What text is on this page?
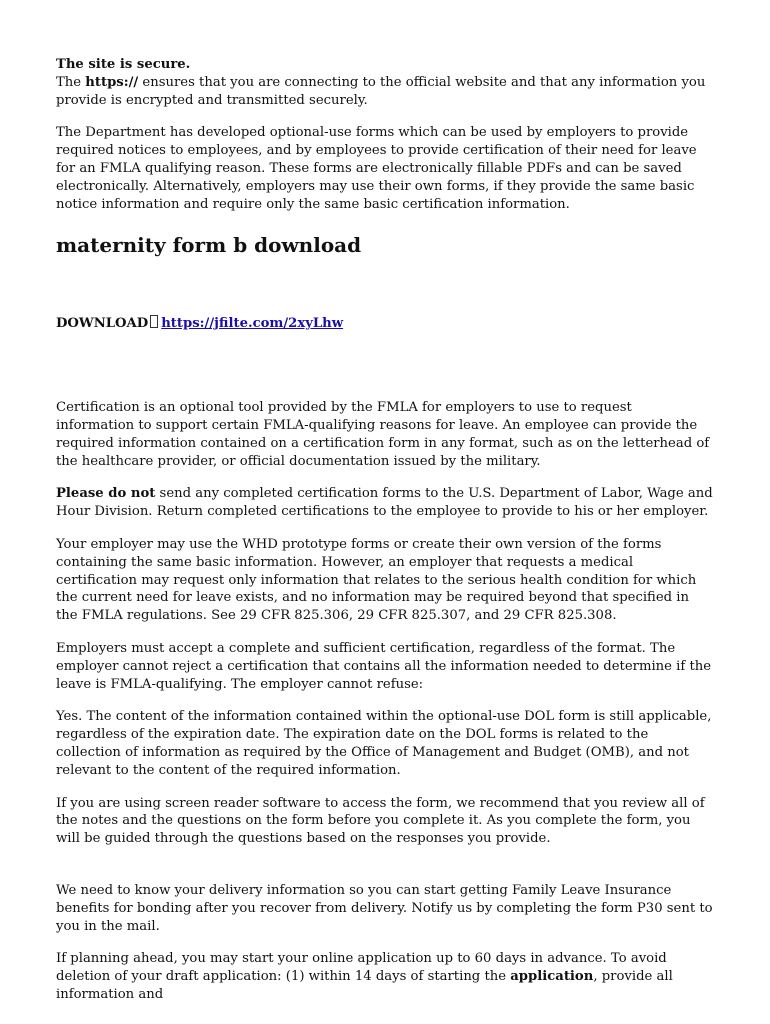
The site is secure.

The https:// ensures that you are connecting to the official website and that any information you provide is encrypted and transmitted securely.

The Department has developed optional-use forms which can be used by employers to provide required notices to employees, and by employees to provide certification of their need for leave for an FMLA qualifying reason. These forms are electronically fillable PDFs and can be saved electronically. Alternatively, employers may use their own forms, if they provide the same basic notice information and require only the same basic certification information.

maternity form b download

DOWNLOAD https://jfilte.com/2xyLhw

Certification is an optional tool provided by the FMLA for employers to use to request information to support certain FMLA-qualifying reasons for leave. An employee can provide the required information contained on a certification form in any format, such as on the letterhead of the healthcare provider, or official documentation issued by the military.

Please do not send any completed certification forms to the U.S. Department of Labor, Wage and Hour Division. Return completed certifications to the employee to provide to his or her employer.

Your employer may use the WHD prototype forms or create their own version of the forms containing the same basic information. However, an employer that requests a medical certification may request only information that relates to the serious health condition for which the current need for leave exists, and no information may be required beyond that specified in the FMLA regulations. See 29 CFR 825.306, 29 CFR 825.307, and 29 CFR 825.308.

Employers must accept a complete and sufficient certification, regardless of the format. The employer cannot reject a certification that contains all the information needed to determine if the leave is FMLA-qualifying. The employer cannot refuse:

Yes. The content of the information contained within the optional-use DOL form is still applicable, regardless of the expiration date. The expiration date on the DOL forms is related to the collection of information as required by the Office of Management and Budget (OMB), and not relevant to the content of the required information.

If you are using screen reader software to access the form, we recommend that you review all of the notes and the questions on the form before you complete it. As you complete the form, you will be guided through the questions based on the responses you provide.

We need to know your delivery information so you can start getting Family Leave Insurance benefits for bonding after you recover from delivery. Notify us by completing the form P30 sent to you in the mail.

If planning ahead, you may start your online application up to 60 days in advance. To avoid deletion of your draft application: (1) within 14 days of starting the application, provide all information and
